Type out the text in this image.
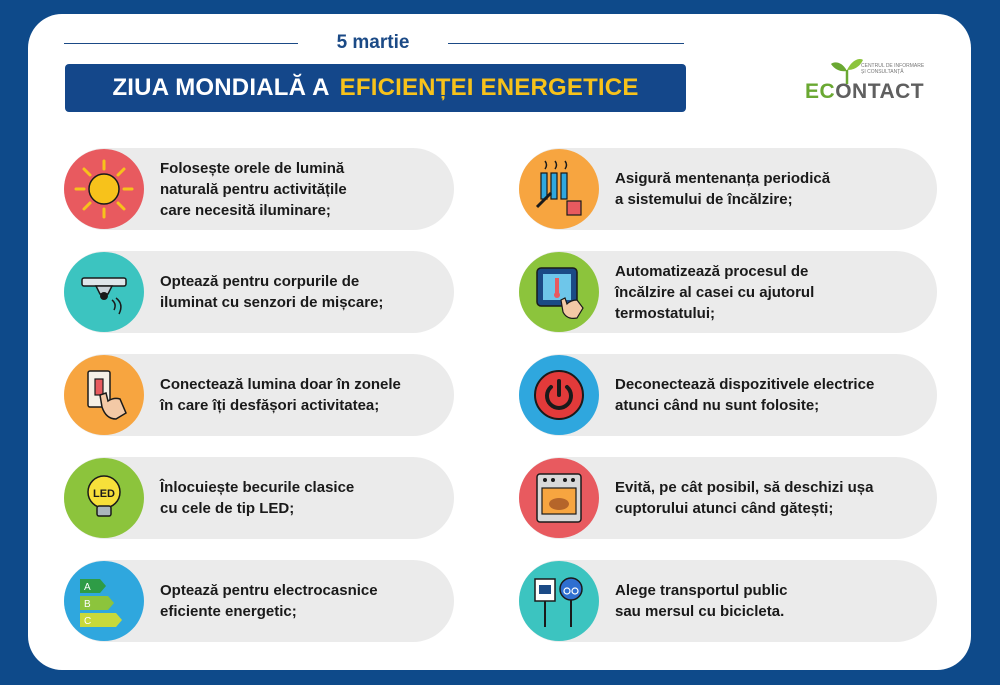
5 martie
ZIUA MONDIALĂ A EFICIENȚEI ENERGETICE	ECONTACT
CENTRUL DE INFORMARE ȘI CONSULTANȚĂ
Folosește orele de lumină
naturală pentru activitățile
care necesită iluminare;
Optează pentru corpurile de
iluminat cu senzori de mișcare;
Conectează lumina doar în zonele
în care îți desfășori activitatea;
LED	Înlocuiește becurile clasice
cu cele de tip LED;
A
B
C
Optează pentru electrocasnice
eficiente energetic;
Asigură mentenanța periodică
a sistemului de încălzire;
Automatizează procesul de
încălzire al casei cu ajutorul
termostatului;
Deconectează dispozitivele electrice
atunci când nu sunt folosite;
Evită, pe cât posibil, să deschizi ușa
cuptorului atunci când gătești;
Alege transportul public
sau mersul cu bicicleta.
